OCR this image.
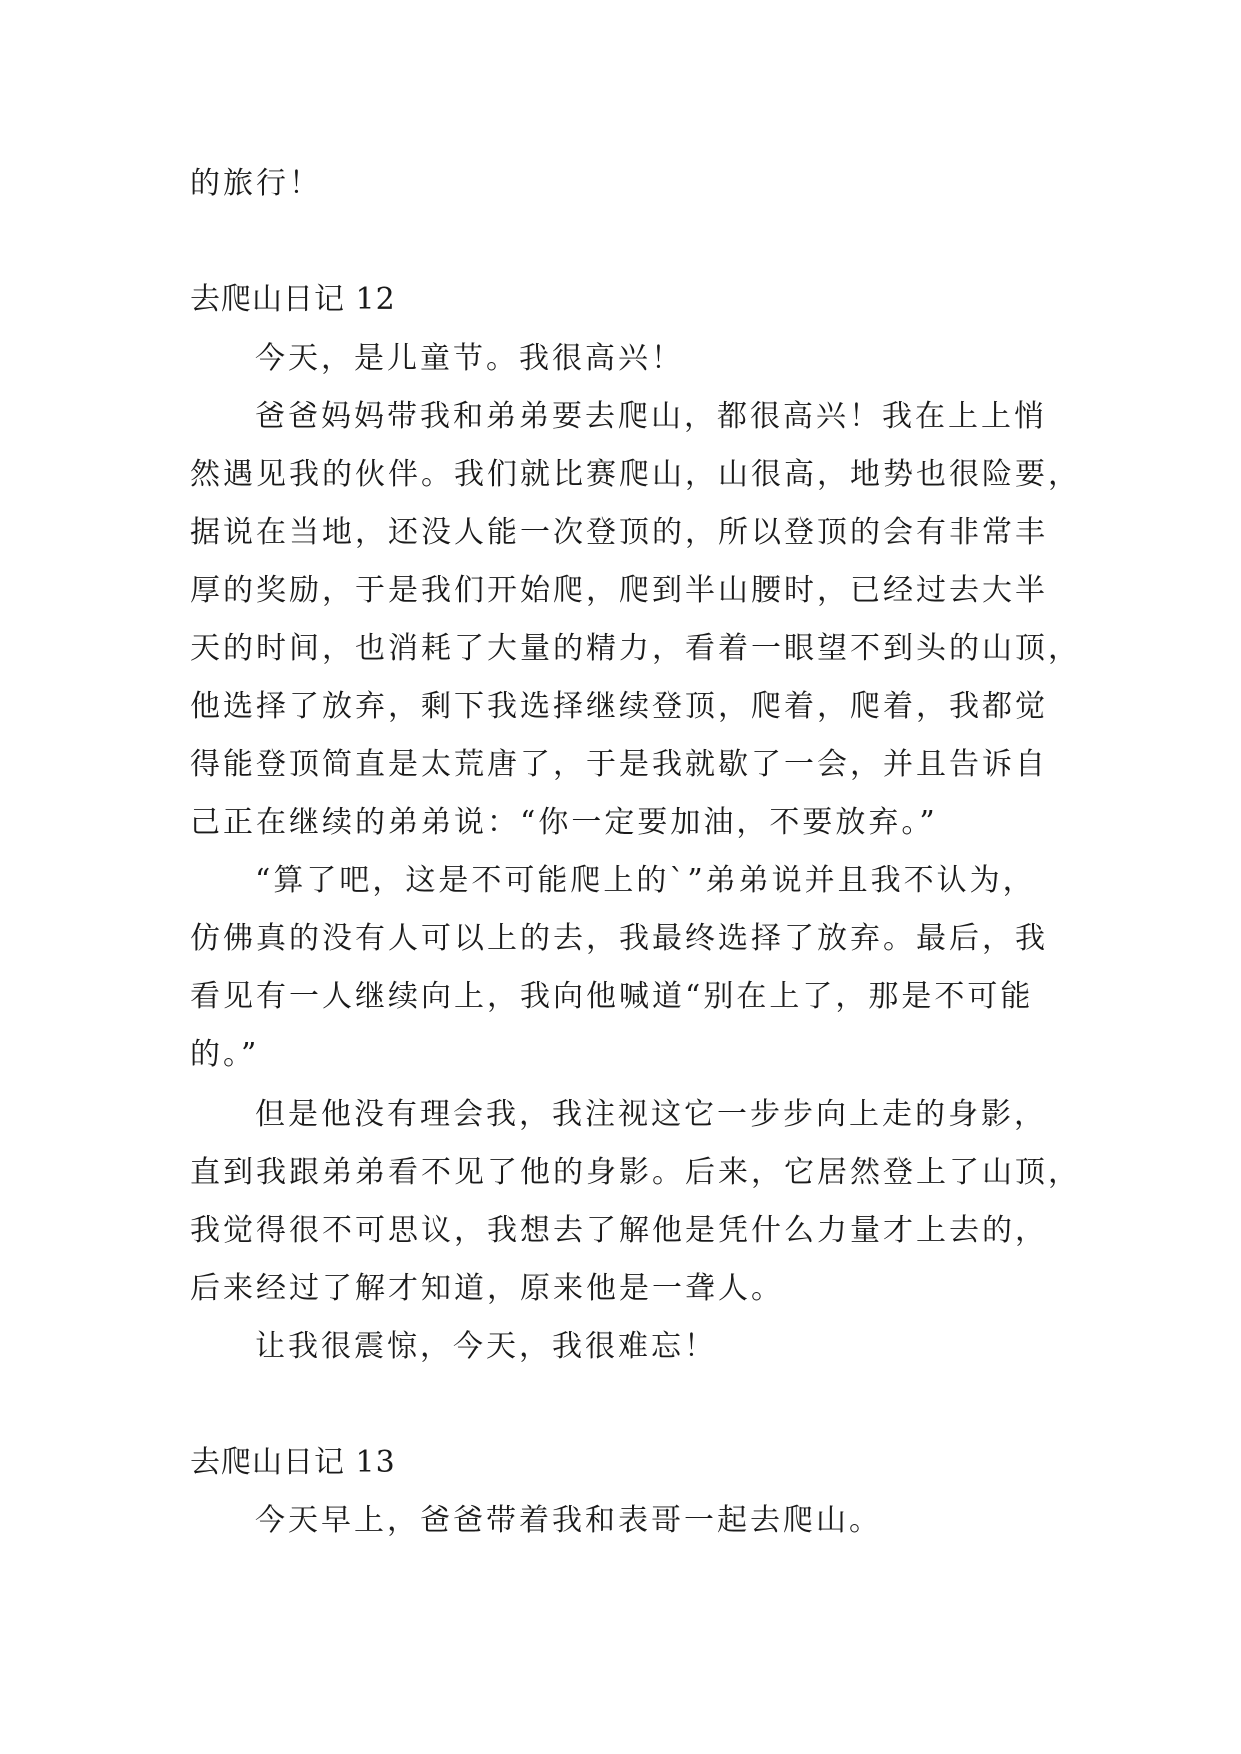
的旅行！
去爬山日记 12
今天，是儿童节。我很高兴！
爸爸妈妈带我和弟弟要去爬山，都很高兴！我在上上悄
然遇见我的伙伴。我们就比赛爬山，山很高，地势也很险要，
据说在当地，还没人能一次登顶的，所以登顶的会有非常丰
厚的奖励，于是我们开始爬，爬到半山腰时，已经过去大半
天的时间，也消耗了大量的精力，看着一眼望不到头的山顶，
他选择了放弃，剩下我选择继续登顶，爬着，爬着，我都觉
得能登顶简直是太荒唐了，于是我就歇了一会，并且告诉自
己正在继续的弟弟说：“你一定要加油，不要放弃。”
“算了吧，这是不可能爬上的`”弟弟说并且我不认为，
仿佛真的没有人可以上的去，我最终选择了放弃。最后，我
看见有一人继续向上，我向他喊道“别在上了，那是不可能
的。”
但是他没有理会我，我注视这它一步步向上走的身影，
直到我跟弟弟看不见了他的身影。后来，它居然登上了山顶，
我觉得很不可思议，我想去了解他是凭什么力量才上去的，
后来经过了解才知道，原来他是一聋人。
让我很震惊，今天，我很难忘！
去爬山日记 13
今天早上，爸爸带着我和表哥一起去爬山。
